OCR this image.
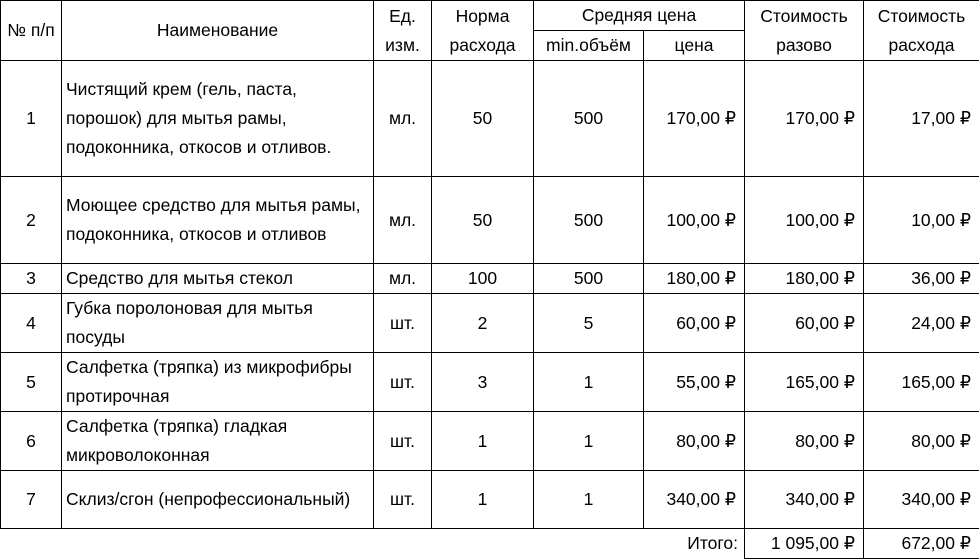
№ п/п	Наименование	Ед. изм.	Норма расхода	Средняя цена		Стоимость разово	Стоимость расхода
				min.объём	цена		
1	Чистящий крем (гель, паста, порошок) для мытья рамы, подоконника, откосов и отливов.	мл.	50	500	170,00 ₽	170,00 ₽	17,00 ₽
2	Моющее средство для мытья рамы, подоконника, откосов и отливов	мл.	50	500	100,00 ₽	100,00 ₽	10,00 ₽
3	Средство для мытья стекол	мл.	100	500	180,00 ₽	180,00 ₽	36,00 ₽
4	Губка поролоновая для мытья посуды	шт.	2	5	60,00 ₽	60,00 ₽	24,00 ₽
5	Салфетка (тряпка) из микрофибры протирочная	шт.	3	1	55,00 ₽	165,00 ₽	165,00 ₽
6	Салфетка (тряпка) гладкая микроволоконная	шт.	1	1	80,00 ₽	80,00 ₽	80,00 ₽
7	Склиз/сгон (непрофессиональный)	шт.	1	1	340,00 ₽	340,00 ₽	340,00 ₽
Итого:						1 095,00 ₽	672,00 ₽
